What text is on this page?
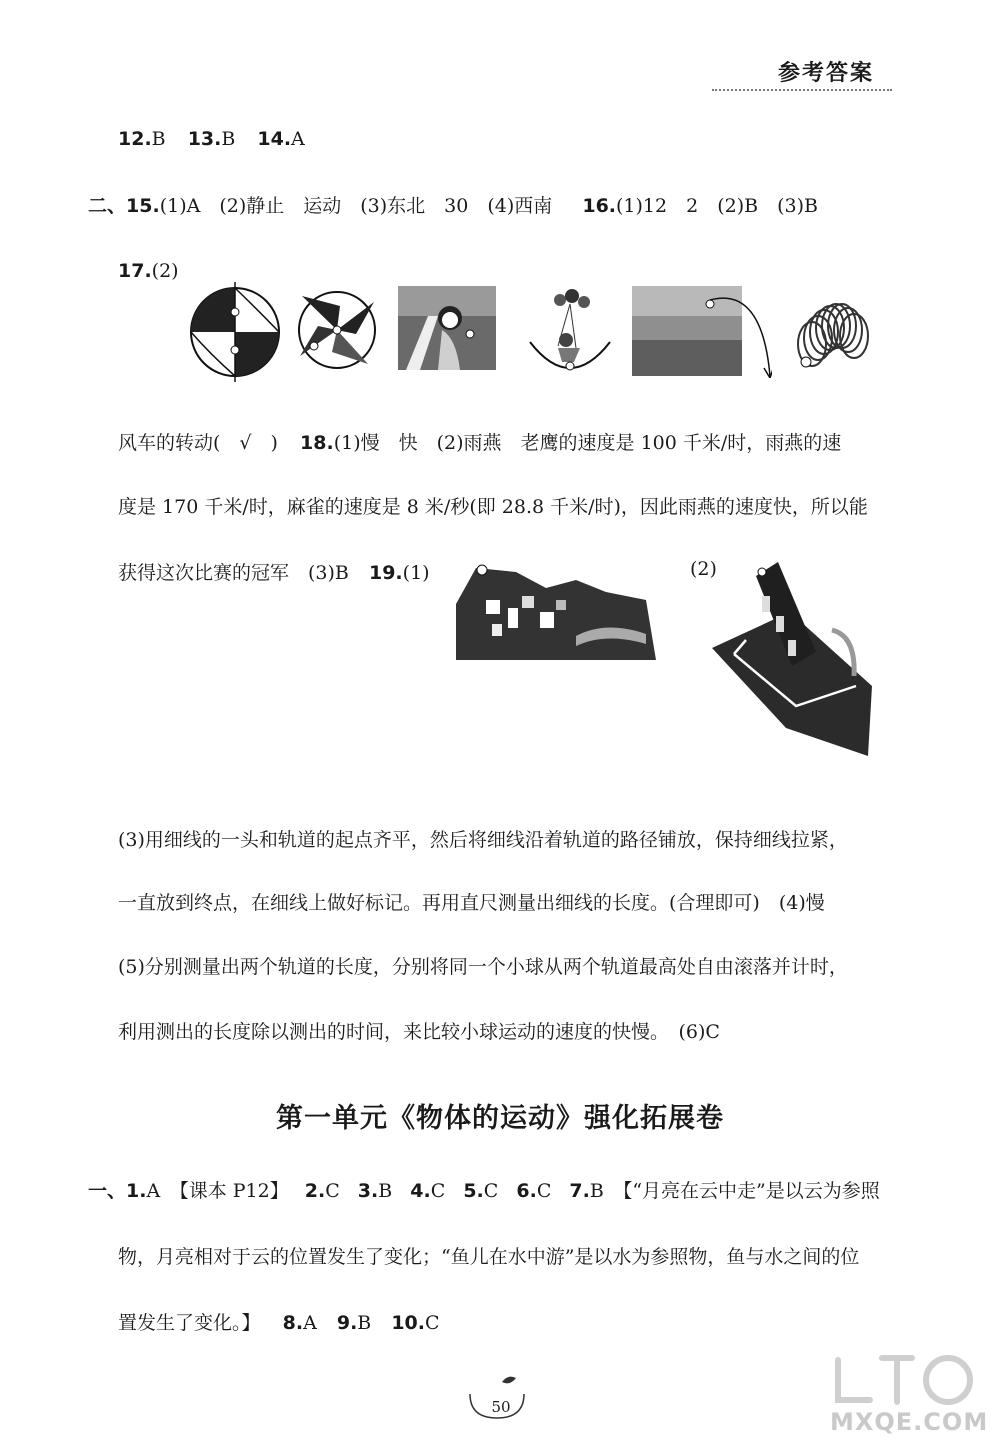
参考答案
12.B 13.B 14.A
二、15.(1)A　(2)静止　运动　(3)东北　30　(4)西南 16.(1)12　2　(2)B　(3)B
17.(2)
风车的转动(　√　) 18.(1)慢　快　(2)雨燕　老鹰的速度是 100 千米/时，雨燕的速
度是 170 千米/时，麻雀的速度是 8 米/秒(即 28.8 千米/时)，因此雨燕的速度快，所以能
获得这次比赛的冠军　(3)B 19.(1)	(2)
(3)用细线的一头和轨道的起点齐平，然后将细线沿着轨道的路径铺放，保持细线拉紧，
一直放到终点，在细线上做好标记。再用直尺测量出细线的长度。(合理即可)　(4)慢
(5)分别测量出两个轨道的长度，分别将同一个小球从两个轨道最高处自由滚落并计时，
利用测出的长度除以测出的时间，来比较小球运动的速度的快慢。　(6)C
第一单元《物体的运动》强化拓展卷
一、1.A　【课本 P12】 2.C 3.B 4.C 5.C 6.C 7.B　【“月亮在云中走”是以云为参照
物，月亮相对于云的位置发生了变化；“鱼儿在水中游”是以水为参照物，鱼与水之间的位
置发生了变化。】 8.A 9.B 10.C
50
MXQE.COM
